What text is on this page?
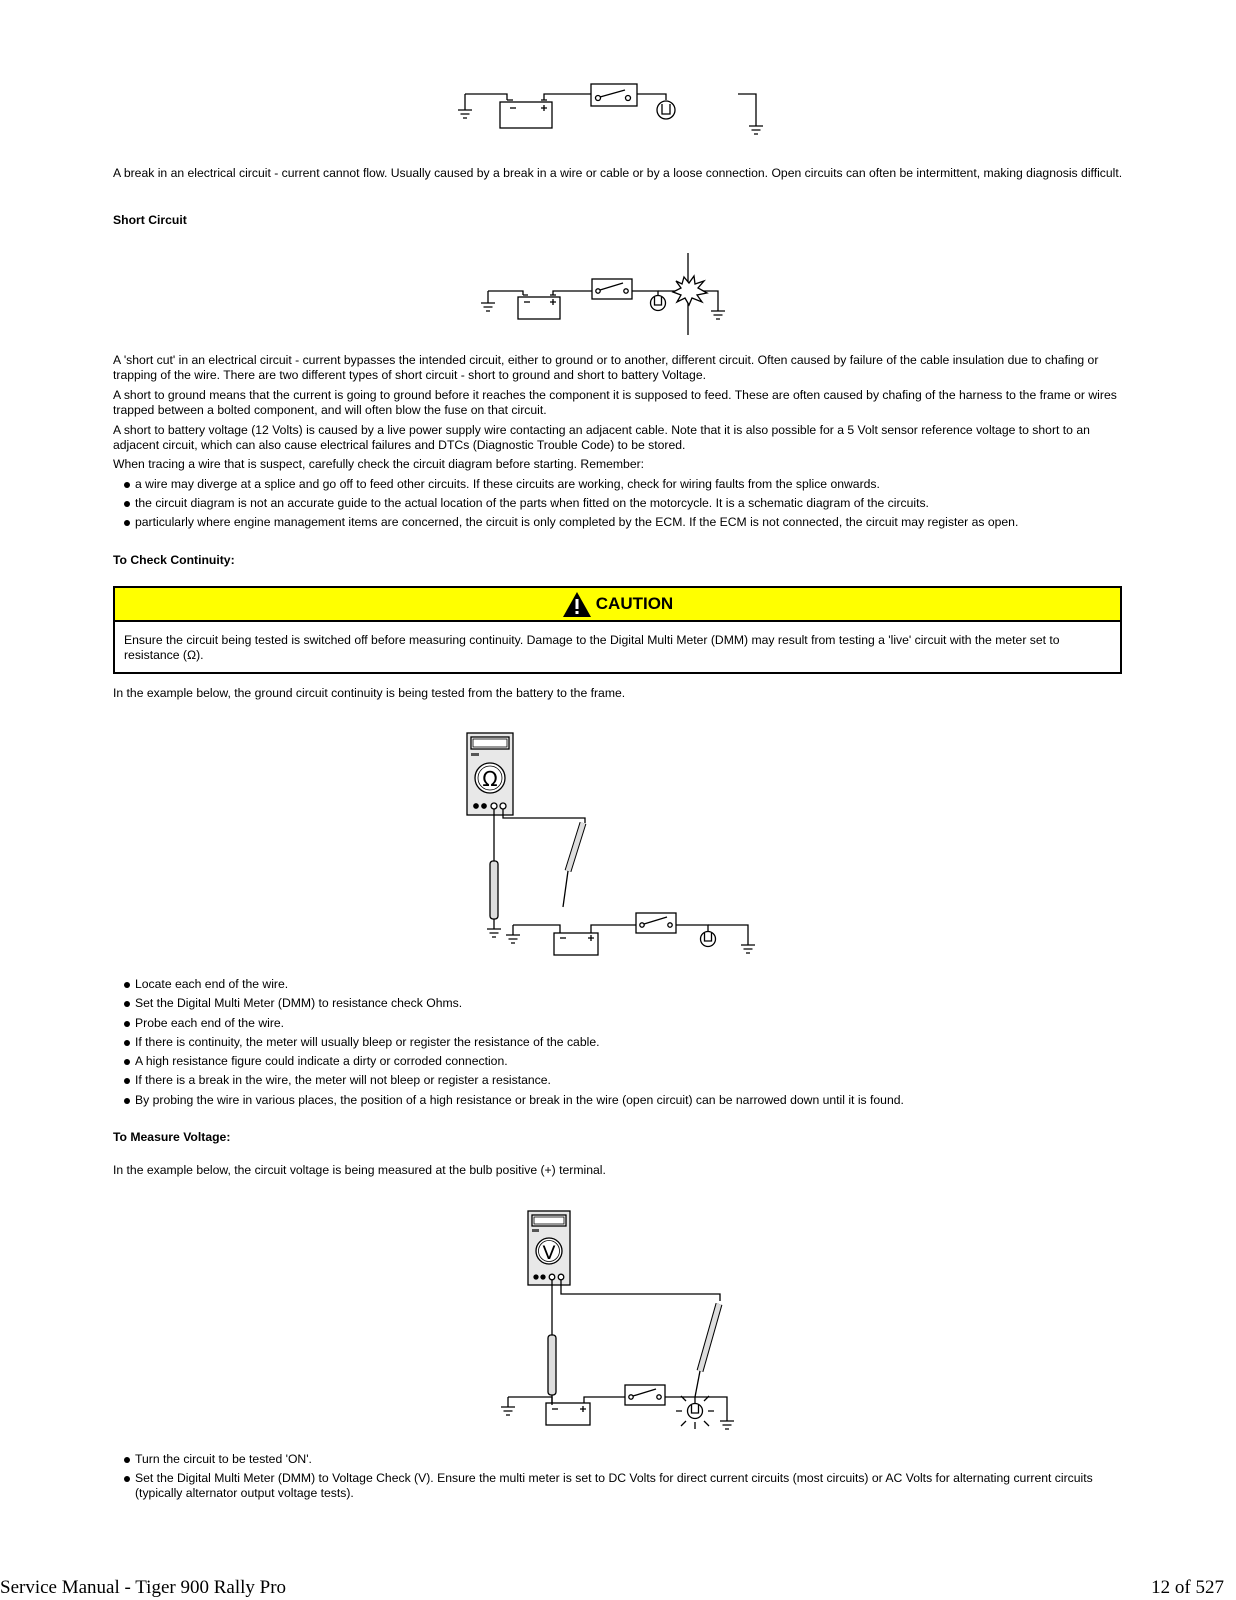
A break in an electrical circuit - current cannot flow. Usually caused by a break in a wire or cable or by a loose connection. Open circuits can often be intermittent, making diagnosis difficult.

Short Circuit

A 'short cut' in an electrical circuit - current bypasses the intended circuit, either to ground or to another, different circuit. Often caused by failure of the cable insulation due to chafing or trapping of the wire. There are two different types of short circuit - short to ground and short to battery Voltage.

A short to ground means that the current is going to ground before it reaches the component it is supposed to feed. These are often caused by chafing of the harness to the frame or wires trapped between a bolted component, and will often blow the fuse on that circuit.

A short to battery voltage (12 Volts) is caused by a live power supply wire contacting an adjacent cable. Note that it is also possible for a 5 Volt sensor reference voltage to short to an adjacent circuit, which can also cause electrical failures and DTCs (Diagnostic Trouble Code) to be stored.

When tracing a wire that is suspect, carefully check the circuit diagram before starting. Remember:

a wire may diverge at a splice and go off to feed other circuits. If these circuits are working, check for wiring faults from the splice onwards.
the circuit diagram is not an accurate guide to the actual location of the parts when fitted on the motorcycle. It is a schematic diagram of the circuits.
particularly where engine management items are concerned, the circuit is only completed by the ECM. If the ECM is not connected, the circuit may register as open.
To Check Continuity:
CAUTION
Ensure the circuit being tested is switched off before measuring continuity. Damage to the Digital Multi Meter (DMM) may result from testing a 'live' circuit with the meter set to resistance (Ω).

In the example below, the ground circuit continuity is being tested from the battery to the frame.

Ω
Locate each end of the wire.
Set the Digital Multi Meter (DMM) to resistance check Ohms.
Probe each end of the wire.
If there is continuity, the meter will usually bleep or register the resistance of the cable.
A high resistance figure could indicate a dirty or corroded connection.
If there is a break in the wire, the meter will not bleep or register a resistance.
By probing the wire in various places, the position of a high resistance or break in the wire (open circuit) can be narrowed down until it is found.
To Measure Voltage:

In the example below, the circuit voltage is being measured at the bulb positive (+) terminal.

V
Turn the circuit to be tested 'ON'.
Set the Digital Multi Meter (DMM) to Voltage Check (V). Ensure the multi meter is set to DC Volts for direct current circuits (most circuits) or AC Volts for alternating current circuits (typically alternator output voltage tests).
Service Manual - Tiger 900 Rally Pro	12 of 527
